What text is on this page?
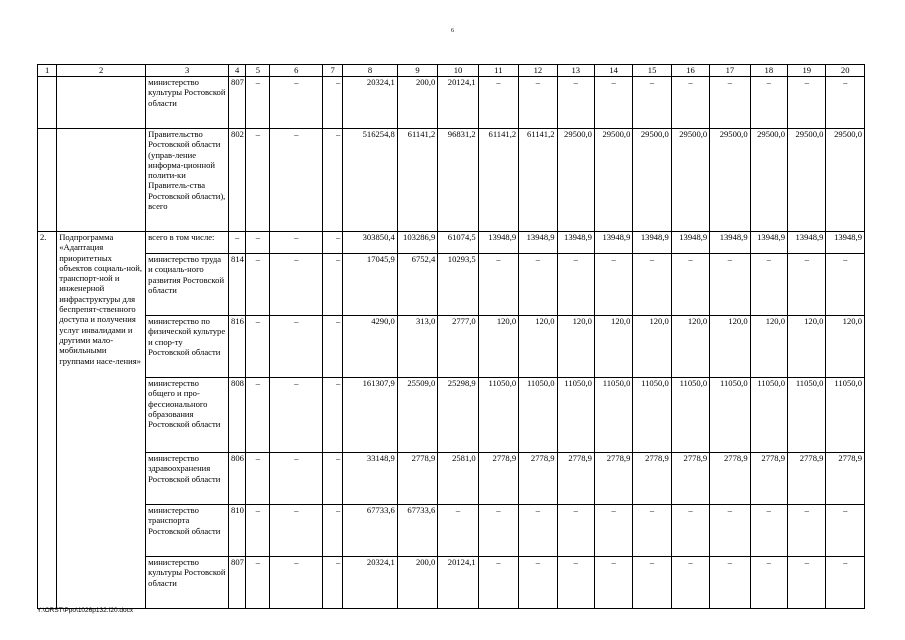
6
1	2	3	4	5	6	7	8	9	10	11	12	13	14	15	16	17	18	19	20
		министерство культуры Ростовской области	807	–	–	–	20324,1	200,0	20124,1	–	–	–	–	–	–	–	–	–	–
		Правительство Ростовской области (управ-ление информа-ционной полити-ки Правитель-ства Ростовской области), всего	802	–	–	–	516254,8	61141,2	96831,2	61141,2	61141,2	29500,0	29500,0	29500,0	29500,0	29500,0	29500,0	29500,0	29500,0
2.	Подпрограмма «Адаптация приоритетных объектов социаль-ной, транспорт-ной и инженерной инфраструктуры для беспрепят-ственного доступа и получения услуг инвалидами и другими мало-мобильными группами насе-ления»	всего в том числе:	–	–	–	–	303850,4	103286,9	61074,5	13948,9	13948,9	13948,9	13948,9	13948,9	13948,9	13948,9	13948,9	13948,9	13948,9
		министерство труда и социаль-ного развития Ростовской области	814	–	–	–	17045,9	6752,4	10293,5	–	–	–	–	–	–	–	–	–	–
		министерство по физической культуре и спор-ту Ростовской области	816	–	–	–	4290,0	313,0	2777,0	120,0	120,0	120,0	120,0	120,0	120,0	120,0	120,0	120,0	120,0
		министерство общего и про-фессионального образования Ростовской области	808	–	–	–	161307,9	25509,0	25298,9	11050,0	11050,0	11050,0	11050,0	11050,0	11050,0	11050,0	11050,0	11050,0	11050,0
		министерство здравоохранения Ростовской области	806	–	–	–	33148,9	2778,9	2581,0	2778,9	2778,9	2778,9	2778,9	2778,9	2778,9	2778,9	2778,9	2778,9	2778,9
		министерство транспорта Ростовской области	810	–	–	–	67733,6	67733,6	–	–	–	–	–	–	–	–	–	–	–
		министерство культуры Ростовской области	807	–	–	–	20324,1	200,0	20124,1	–	–	–	–	–	–	–	–	–	–
Y:\ORST\Ppo\1026p132.f20.docx
